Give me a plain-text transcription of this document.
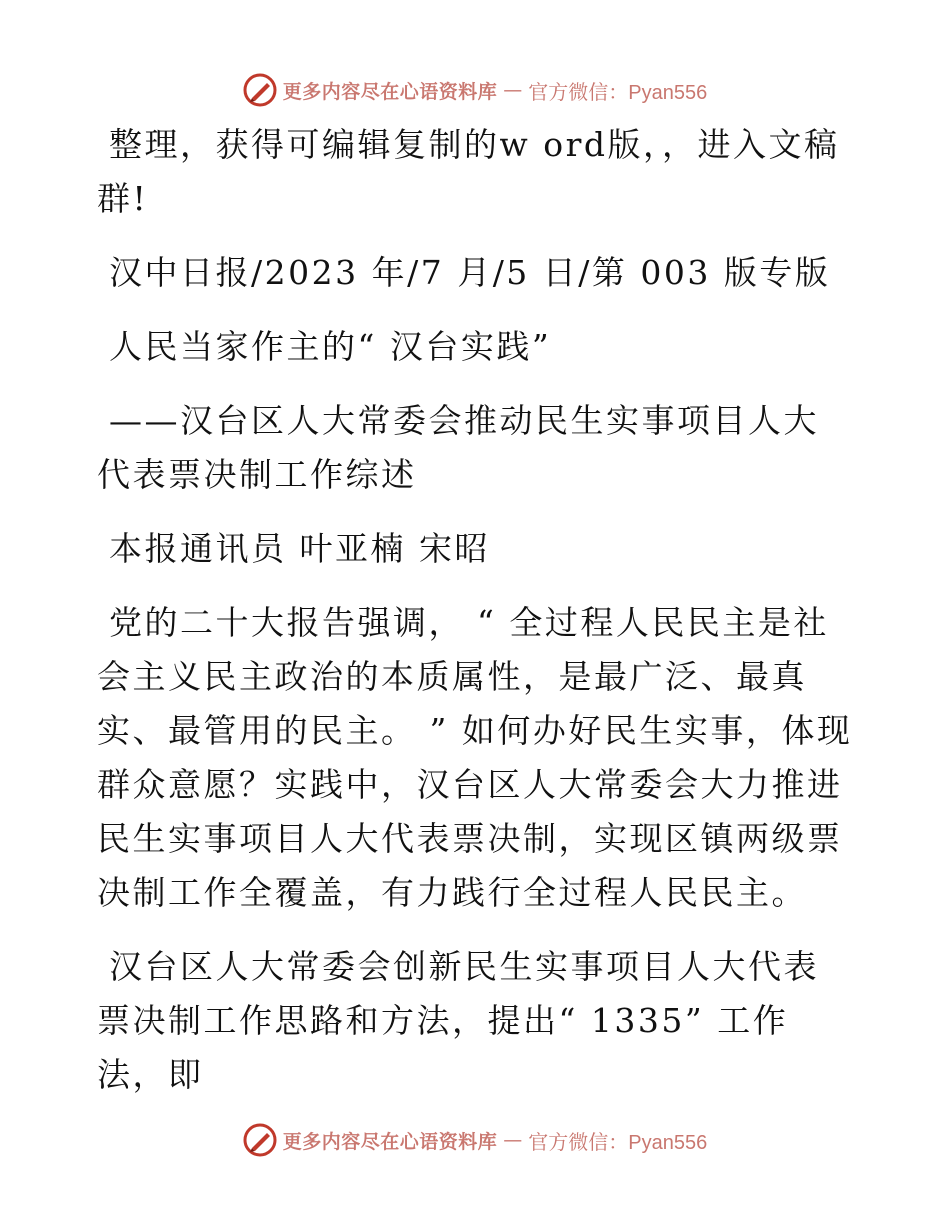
更多内容尽在心语资料库 — 官方微信：Pyan556

整理，获得可编辑复制的w ord版，，进入文稿群!

汉中日报/2023 年/7 月/5 日/第 003 版专版

人民当家作主的“ 汉台实践”

——汉台区人大常委会推动民生实事项目人大代表票决制工作综述

本报通讯员 叶亚楠 宋昭

党的二十大报告强调， “ 全过程人民民主是社会主义民主政治的本质属性，是最广泛、最真实、最管用的民主。 ” 如何办好民生实事，体现群众意愿？实践中，汉台区人大常委会大力推进民生实事项目人大代表票决制，实现区镇两级票决制工作全覆盖，有力践行全过程人民民主。

汉台区人大常委会创新民生实事项目人大代表票决制工作思路和方法，提出“ 1335” 工作法，即

更多内容尽在心语资料库 — 官方微信：Pyan556
